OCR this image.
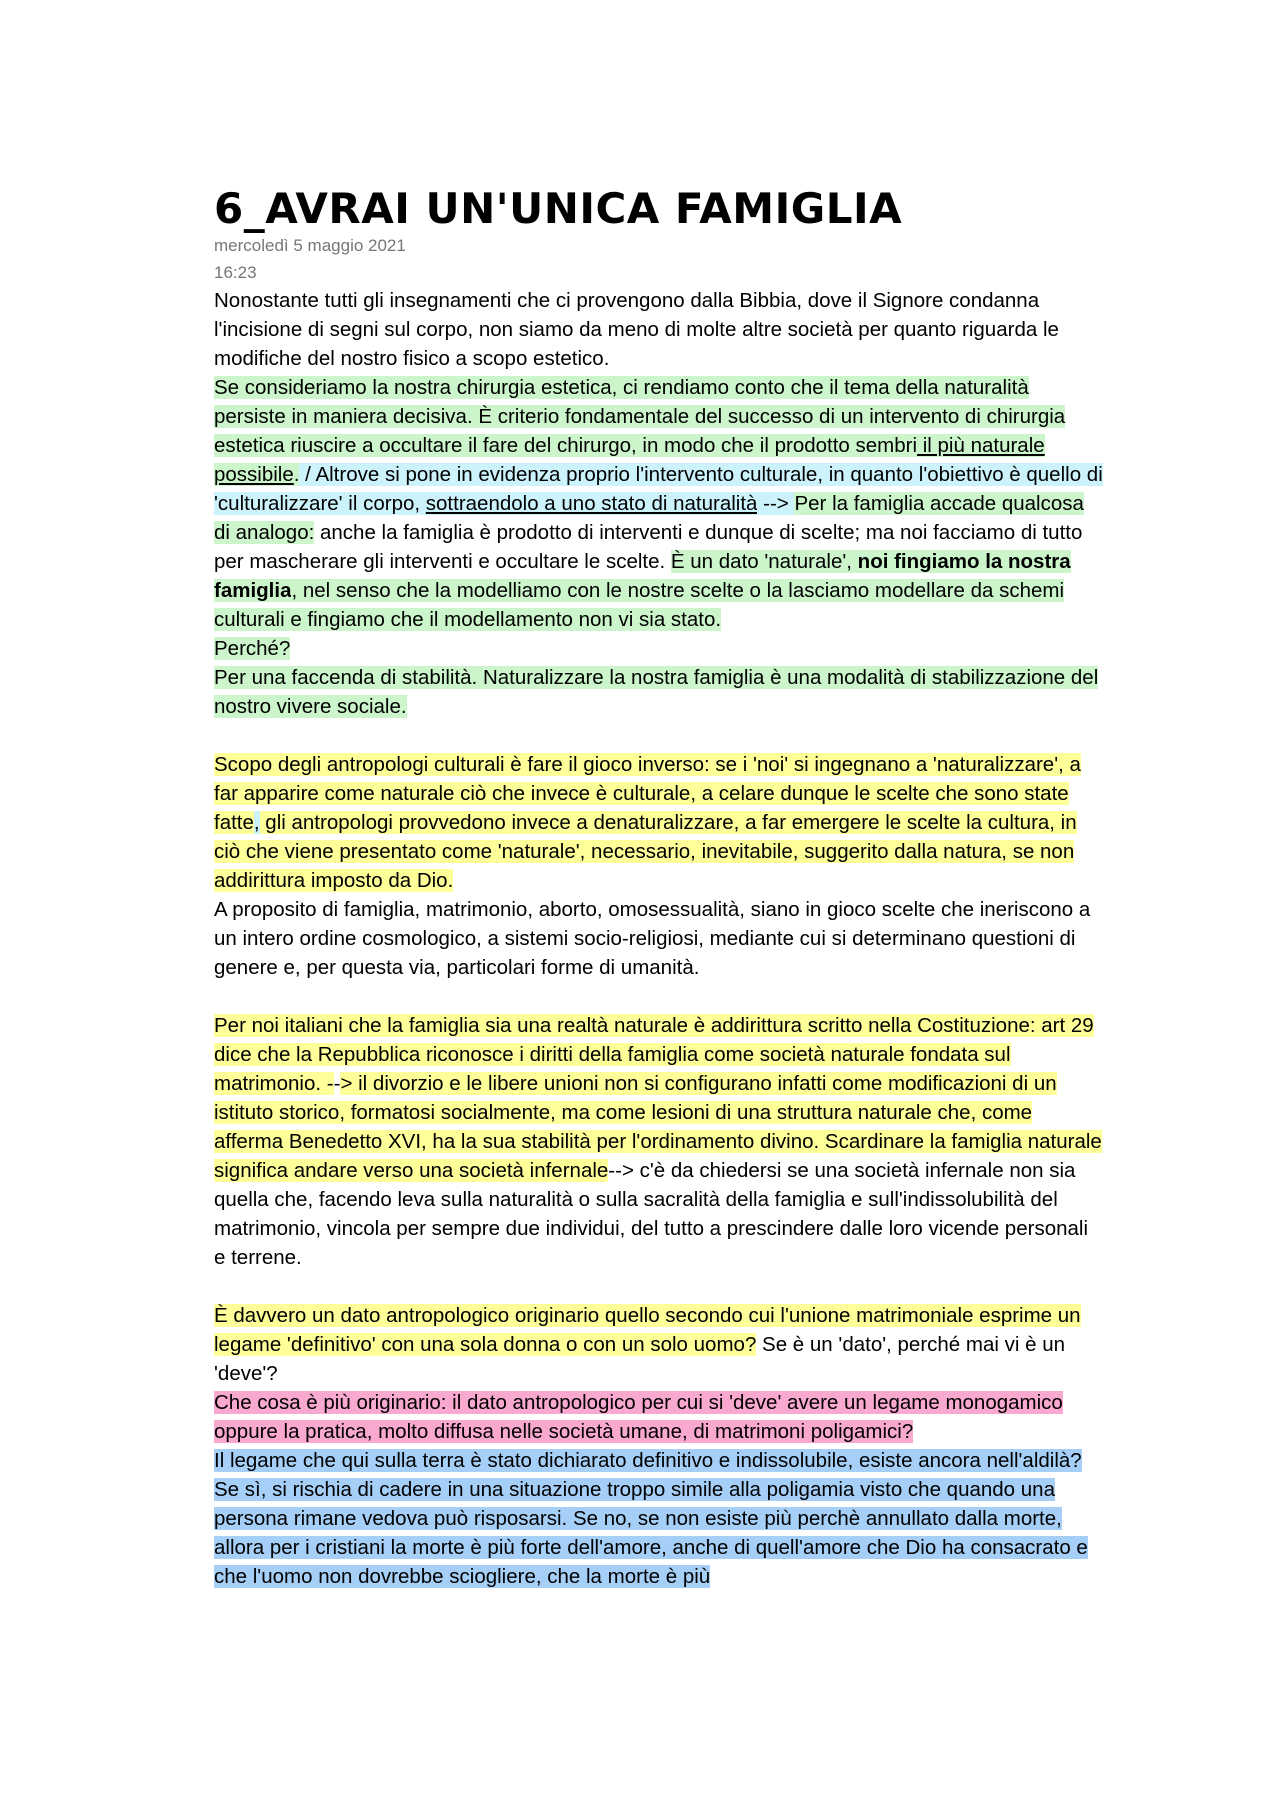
6_AVRAI UN'UNICA FAMIGLIA
mercoledì 5 maggio 2021
16:23

Nonostante tutti gli insegnamenti che ci provengono dalla Bibbia, dove il Signore condanna l'incisione di segni sul corpo, non siamo da meno di molte altre società per quanto riguarda le modifiche del nostro fisico a scopo estetico.

Se consideriamo la nostra chirurgia estetica, ci rendiamo conto che il tema della naturalità persiste in maniera decisiva. È criterio fondamentale del successo di un intervento di chirurgia estetica riuscire a occultare il fare del chirurgo, in modo che il prodotto sembri il più naturale possibile. / Altrove si pone in evidenza proprio l'intervento culturale, in quanto l'obiettivo è quello di 'culturalizzare' il corpo, sottraendolo a uno stato di naturalità --> Per la famiglia accade qualcosa di analogo: anche la famiglia è prodotto di interventi e dunque di scelte; ma noi facciamo di tutto per mascherare gli interventi e occultare le scelte. È un dato 'naturale', noi fingiamo la nostra famiglia, nel senso che la modelliamo con le nostre scelte o la lasciamo modellare da schemi culturali e fingiamo che il modellamento non vi sia stato.

Perché?

Per una faccenda di stabilità. Naturalizzare la nostra famiglia è una modalità di stabilizzazione del nostro vivere sociale.

Scopo degli antropologi culturali è fare il gioco inverso: se i 'noi' si ingegnano a 'naturalizzare', a far apparire come naturale ciò che invece è culturale, a celare dunque le scelte che sono state fatte, gli antropologi provvedono invece a denaturalizzare, a far emergere le scelte la cultura, in ciò che viene presentato come 'naturale', necessario, inevitabile, suggerito dalla natura, se non addirittura imposto da Dio.

A proposito di famiglia, matrimonio, aborto, omosessualità, siano in gioco scelte che ineriscono a un intero ordine cosmologico, a sistemi socio-religiosi, mediante cui si determinano questioni di genere e, per questa via, particolari forme di umanità.

Per noi italiani che la famiglia sia una realtà naturale è addirittura scritto nella Costituzione: art 29 dice che la Repubblica riconosce i diritti della famiglia come società naturale fondata sul matrimonio. --> il divorzio e le libere unioni non si configurano infatti come modificazioni di un istituto storico, formatosi socialmente, ma come lesioni di una struttura naturale che, come afferma Benedetto XVI, ha la sua stabilità per l'ordinamento divino. Scardinare la famiglia naturale significa andare verso una società infernale--> c'è da chiedersi se una società infernale non sia quella che, facendo leva sulla naturalità o sulla sacralità della famiglia e sull'indissolubilità del matrimonio, vincola per sempre due individui, del tutto a prescindere dalle loro vicende personali e terrene.

È davvero un dato antropologico originario quello secondo cui l'unione matrimoniale esprime un legame 'definitivo' con una sola donna o con un solo uomo? Se è un 'dato', perché mai vi è un 'deve'?

Che cosa è più originario: il dato antropologico per cui si 'deve' avere un legame monogamico oppure la pratica, molto diffusa nelle società umane, di matrimoni poligamici?

Il legame che qui sulla terra è stato dichiarato definitivo e indissolubile, esiste ancora nell'aldilà? Se sì, si rischia di cadere in una situazione troppo simile alla poligamia visto che quando una persona rimane vedova può risposarsi. Se no, se non esiste più perchè annullato dalla morte, allora per i cristiani la morte è più forte dell'amore, anche di quell'amore che Dio ha consacrato e che l'uomo non dovrebbe sciogliere, che la morte è più
